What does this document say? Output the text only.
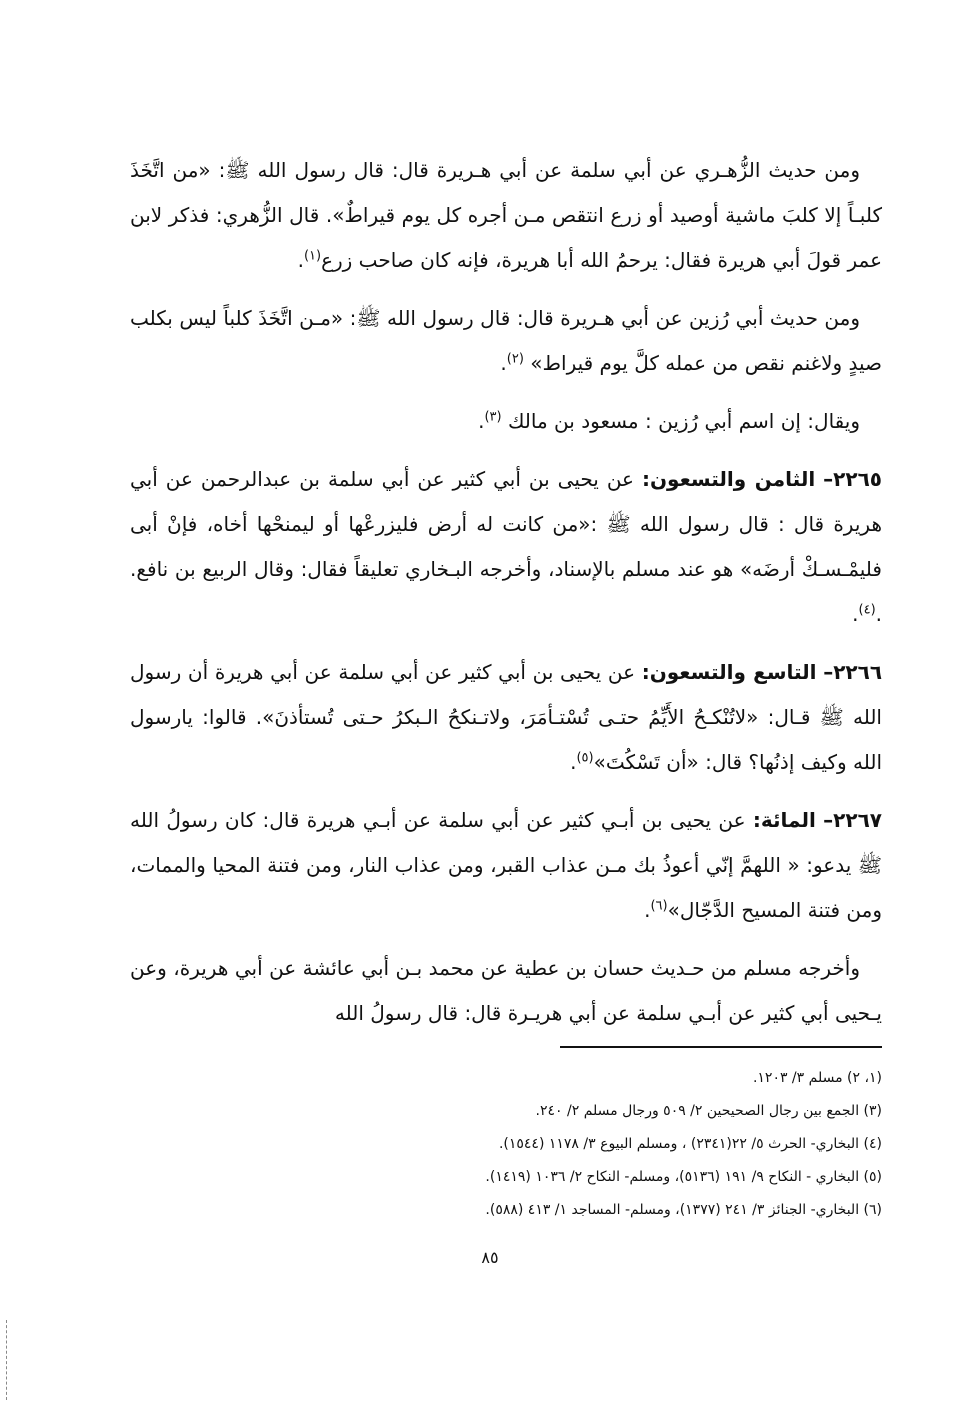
ومن حديث الزُّهـري عن أبي سلمة عن أبي هـريرة قال: قال رسول الله ﷺ: «من اتَّخَذَ كلبـاً إلا كلبَ ماشية أوصيد أو زرع انتقص مـن أجره كل يوم قيراطٌ». قال الزُّهري: فذكر لابن عمر قولَ أبي هريرة فقال: يرحمُ الله أبا هريرة، فإنه كان صاحب زرع$^{(١)}$.

ومن حديث أبي رُزين عن أبي هـريرة قال: قال رسول الله ﷺ: «مـن اتَّخَذَ كلباً ليس بكلب صيدٍ ولاغنم نقص من عمله كلَّ يوم قيراط» $^{(٢)}$.

ويقال: إن اسم أبي رُزين : مسعود بن مالك $^{(٣)}$.

٢٢٦٥– الثامن والتسعون: عن يحيى بن أبي كثير عن أبي سلمة بن عبدالرحمن عن أبي هريرة قال : قال رسول الله ﷺ :«من كانت له أرض فليزرعْها أو ليمنحْها أخاه، فإنْ أبى فليمْـسـكْ أرضَه» هو عند مسلم بالإسناد، وأخرجه البـخاري تعليقاً فقال: وقال الربيع بن نافع. .$^{(٤)}$.

٢٢٦٦– التاسع والتسعون: عن يحيى بن أبي كثير عن أبي سلمة عن أبي هريرة أن رسول الله ﷺ قـال: «لاتُنْكـحُ الأَيِّمُ حتـى تُسْتـأمَرَ، ولاتـنكحُ الـبكرُ حـتى تُستأذنَ». قالوا: يارسول الله وكيف إذنُها؟ قال: «أن تَسْكُتَ»$^{(٥)}$.

٢٢٦٧– المائة: عن يحيى بن أبـي كثير عن أبي سلمة عن أبـي هريرة قال: كان رسولُ الله ﷺ يدعو: « اللهمَّ إنّي أعوذُ بك مـن عذاب القبر، ومن عذاب النار، ومن فتنة المحيا والممات، ومن فتنة المسيح الدَّجّال»$^{(٦)}$.

وأخرجه مسلم من حـديث حسان بن عطية عن محمد بـن أبي عائشة عن أبي هريرة، وعن يـحيى أبي كثير عن أبـي سلمة عن أبي هريـرة قال: قال رسولُ الله

(١، ٢) مسلم ٣/ ١٢٠٣.
(٣) الجمع بين رجال الصحيحين ٢/ ٥٠٩ ورجال مسلم ٢/ ٢٤٠.
(٤) البخاري- الحرث ٥/ ٢٢(٢٣٤١) ، ومسلم البيوع ٣/ ١١٧٨ (١٥٤٤).
(٥) البخاري - النكاح ٩/ ١٩١ (٥١٣٦)، ومسلم- النكاح ٢/ ١٠٣٦ (١٤١٩).
(٦) البخاري- الجنائز ٣/ ٢٤١ (١٣٧٧)، ومسلم- المساجد ١/ ٤١٣ (٥٨٨).
٨٥
